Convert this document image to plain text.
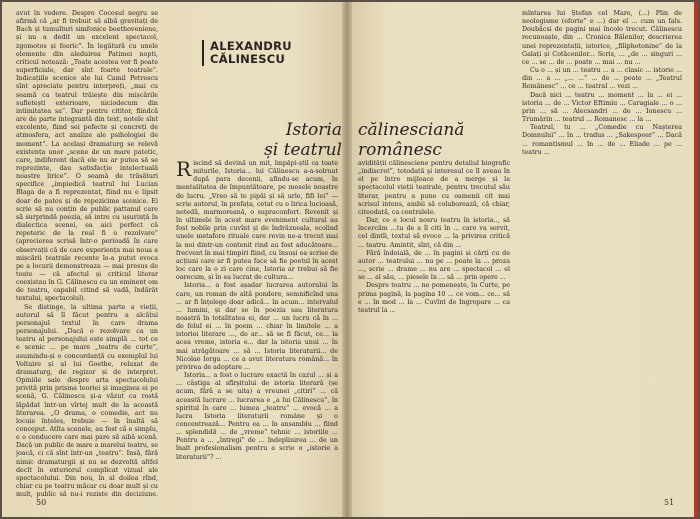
avut în vedere. Despre Cocoșul negru se afirmă că „ar fi trebuit să albă gravitați de Bach și tumulturi simfonice beethoveniene, și nu a dedit un excelent spectacol, zgomotos și feeric”. În legătură cu unele elemente din aleduirea Patimei nopti, criticul notează: „Toate acestea vor fi poate superficiale, dar sînt foarte teatrale”. Indicațiile scenice ale lui Camil Petrescu sînt apreciate pentru interpreți, „mai cu seamă ca teatrul trăiește din mișcările sufletești exterioare, niciodecum din intimitatea sa”. Dar pentru cititor, fiindcă are de parte integrantă din text, notele sînt excelente, fiind sei pefecte și concreți de atmosfera, act analize ale psihologiei de moment”. La același dramaturg se relevă existența unor „scene de un mare patetic, care, indiferent dacă ele nu ar putea să se reprezinte, dau satisfacție intelectuală noastre lirice”. O seamă de trăsături specifice „impiedică teatrul lui Lucian Blaga de a fi reprezentat, fiind nu e lipsit doar de patos și de repezicime scenice. Ei scrie să nu conțin de public pattanul care să surprindă poezia, să intre cu ușurință în dialectica scenei, ea aici perfect că repeteric de la real fi o rezolvare” (aprecierea scrisă într-o perioadă în care observații că de care experiența mai noua a mișcării teatrale recente le-a putut evoca pe a locurii demonstreaza — mai presus de toate — că afectul și criticul literar coexistau în G. Călinescu cu un eminent om de teatru, capabil citind să vadă, îndărăt textului, spectacolul).

Se distinge, la ultima parte a vieții, autorul să îl făcut pentru a alcătui personajul textul în care drama personajului. „Dacă o rezolvare ca un teatru al personajului este simplă ... tot ce e scenic ... pe mare „teatru de curte”, asumindu-și o concordanță cu exemplul lui Voltaire și al lui Goethe, relaxat de dramaturg, de regizor și de interpret. Opiniile sale despre arta spectacolului privită prin prisma teoriei și imaginea ei pe scenă, G. Călinescu și-a văzut ca rostă lăpădat într-un vîrtej mult de la această literarea. „O drama, o comedie, act nu locuie înțeles, trebuie — în înaltă să conceput. Atîta scenele, au fost că e simplu, e o conducere care mai pare să aibă scenă. Dacă un public de mare a marelui teatru, se joacă, ci că sînt într-un „teatru”. Insă, fără nimic dramaturgii și nu se dezvoltă altfel decît în exteriorul complicat vizual ale spectacolului. Din nou, în al doilea rînd, chiar cu pe teatru măcar cu doar mult și cu mult, public să nu-i reziste din deciziune.

ALEXANDRU CĂLINESCU
Istoria
și teatrul

Riscind să devină un mit, împăpi-știl ca toate miturile, Istoria... lui Călinescu a-a-solruat după para decenii, afindu-se acum, în mentalitatea de împuntătoare, pe mesele noastre de lucru. „Vreo să te pipăi și să urle, fifi lei” — scrie autorul, în prefața, cetat cu o lirica lucioasă, netedă, marmoreană, o supraconfort. Revenit și în ultimele în acest mare eveniment cultural au fost nobile prin cuvînt și de îndrăzneala, ocolind unele metafore rituale care revin ne-a trecut mai la noi dintr-un contenit rind au fost aducătoare... frecvent în mai timpiri fiind, cu însuși ea scrise de acțiuni care ar fi putea face să fie poetul în acest loc care la o zi care cine, Istoria ar trebui să fie oarecum, și în ea lucrat de cultura...

Istoria... a fost așadar lucrarea autorului în care, un roman de altă pondere, semnificînd una ... ar fi înțelege doar adică... în acum... intervalul ... lumini, și dar se în poezia sau literatura noastră în totalitatea ei, dar ... un lucru că în ... de felul ei ... în poem ... chiar în limitele ... a istoriei literare ..., de ar... să se fi făcut, ce... la acea vreme, istoria e... dar la istoria unui ... în mai atrăgătoare ... să ... Istoria literaturii... de Nicolae Iorga ... ce a avut literatura română... în privirea de adoptare ...

Istoria... a fost o lucrare exactă în cazul ... și a ... câștiga al sfîrșitului de istoria literară (se acum, fără a se uita) a vreunei „citiri” ... că această lucrare ... lucrarea e „a lui Călinescu”, în spiritul în care ... lumea „teatru” ... evocă ... a lucra Istoria literaturii române și o concentrează... Pentru ea ... în ansamblu ... fiind ... splendidă ... de „vreme” tehnic ... istoriile ... Pentru a ... „întregi” de ... îndeplinirea ... de un înalt profesionalism pentru a scrie o „istorie a literaturii”? ...

50
călinesciană
românesc

avidității călinesciene pentru detaliul biografic „indiscret”, totodată și interesul ce îl aveau în el pe între mijloace de a merge și la spectacolul vieții teatrale, pentru trecutul său literar, pentru a pune cu oamenii cit mai scrisul intens, ambii să colaborează, că chiar, citeodată, ca centralele.

Dar, ce e locul nosru teatru în istoria.., să încercăm ...tu de a îl citi în ... care va servit, cel dintîi, textul să evoce ... la privirea critică ... teatru. Amintit, sînt, că din ...

Fără îndoială, de ... în pagini și cărți cu de autor ... teatrului ... nu pe ... poate la ... proza ..., scrie ... drame ... nu are ... spectacol ... el se ... al său, ... piesele în ... să ... prin opere ...

Despre teatru ... ne pomenește, în Curte, pe prima pagină, la pagina 10 ... ce vom... ce... să e ... în mod ... la ... Cuvînt de Ingropare ... ca teatrul la ...

mîntarea lui Ștefan cel Mare, (...) Plin de neologisme (eforte” e ...) dar el ... cum un fals. Doubăcsi de pagini mai încolo trecut. Călinescu recunoaște, din ... Cronica Bălenilor, descrierea unei reprezentații, istorice, „filiphotonine” de la Galați și Cotăcenilor... Scris, ... „de ... singuri ... ce ... se ... de ... poate ... mai ... nu ...

Cu o ... și un ... teatru ... a ... clasic ... istorie ... din ... a ... „... ...” ... de ... poate ... „Teatrul Românesc” ... ce ... teatral ... vezi ...

Dacă nici ... teatru ... moment ... la ... ei ... istoria ... de ... Victor Eftimiu ... Caragiale ... o ... prin ... să ... Alecsandri ... de ... Ionescu ... Trumărin ... teatrul ... Romanesc ... la ...

Teatrul, tu ... „Comedie cu Nașterea Domnului” ... în ... tradus ... „Sakespeer” ... Dacă ... romantismul ... în ... de ... Eliade ... pe ... teatru ...

51
